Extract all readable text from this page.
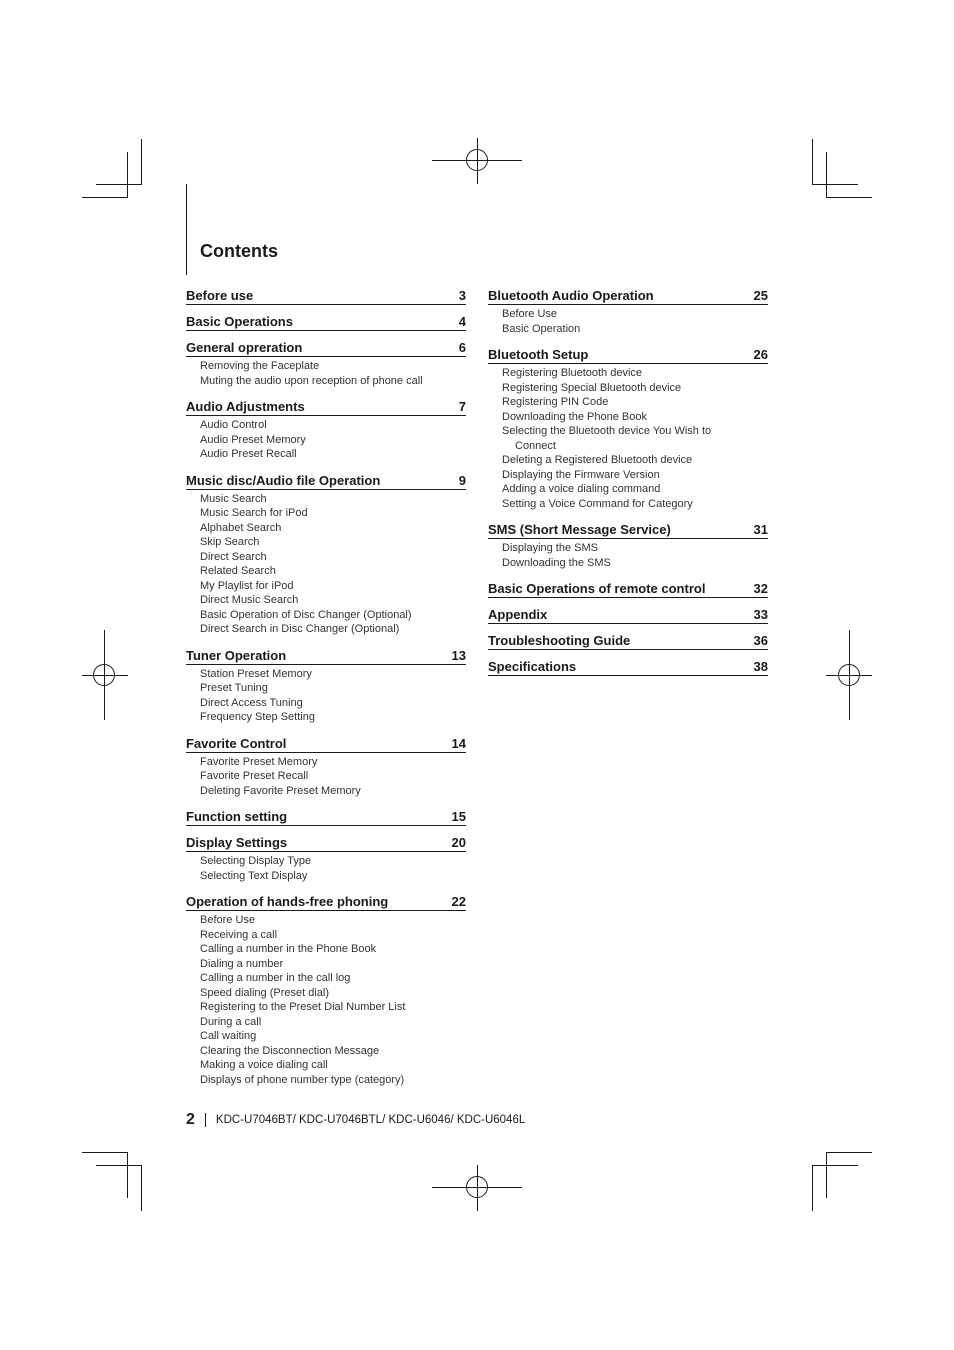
Contents
Before use	3
Basic Operations	4
General opreration	6
Removing the Faceplate
Muting the audio upon reception of phone call
Audio Adjustments	7
Audio Control
Audio Preset Memory
Audio Preset Recall
Music disc/Audio file Operation	9
Music Search
Music Search for iPod
Alphabet Search
Skip Search
Direct Search
Related Search
My Playlist for iPod
Direct Music Search
Basic Operation of Disc Changer (Optional)
Direct Search in Disc Changer (Optional)
Tuner Operation	13
Station Preset Memory
Preset Tuning
Direct Access Tuning
Frequency Step Setting
Favorite Control	14
Favorite Preset Memory
Favorite Preset Recall
Deleting Favorite Preset Memory
Function setting	15
Display Settings	20
Selecting Display Type
Selecting Text Display
Operation of hands-free phoning	22
Before Use
Receiving a call
Calling a number in the Phone Book
Dialing a number
Calling a number in the call log
Speed dialing (Preset dial)
Registering to the Preset Dial Number List
During a call
Call waiting
Clearing the Disconnection Message
Making a voice dialing call
Displays of phone number type (category)
Bluetooth Audio Operation	25
Before Use
Basic Operation
Bluetooth Setup	26
Registering Bluetooth device
Registering Special Bluetooth device
Registering PIN Code
Downloading the Phone Book
Selecting the Bluetooth device You Wish to
Connect
Deleting a Registered Bluetooth device
Displaying the Firmware Version
Adding a voice dialing command
Setting a Voice Command for Category
SMS (Short Message Service)	31
Displaying the SMS
Downloading the SMS
Basic Operations of remote control	32
Appendix	33
Troubleshooting Guide	36
Specifications	38
2 KDC-U7046BT/ KDC-U7046BTL/ KDC-U6046/ KDC-U6046L
